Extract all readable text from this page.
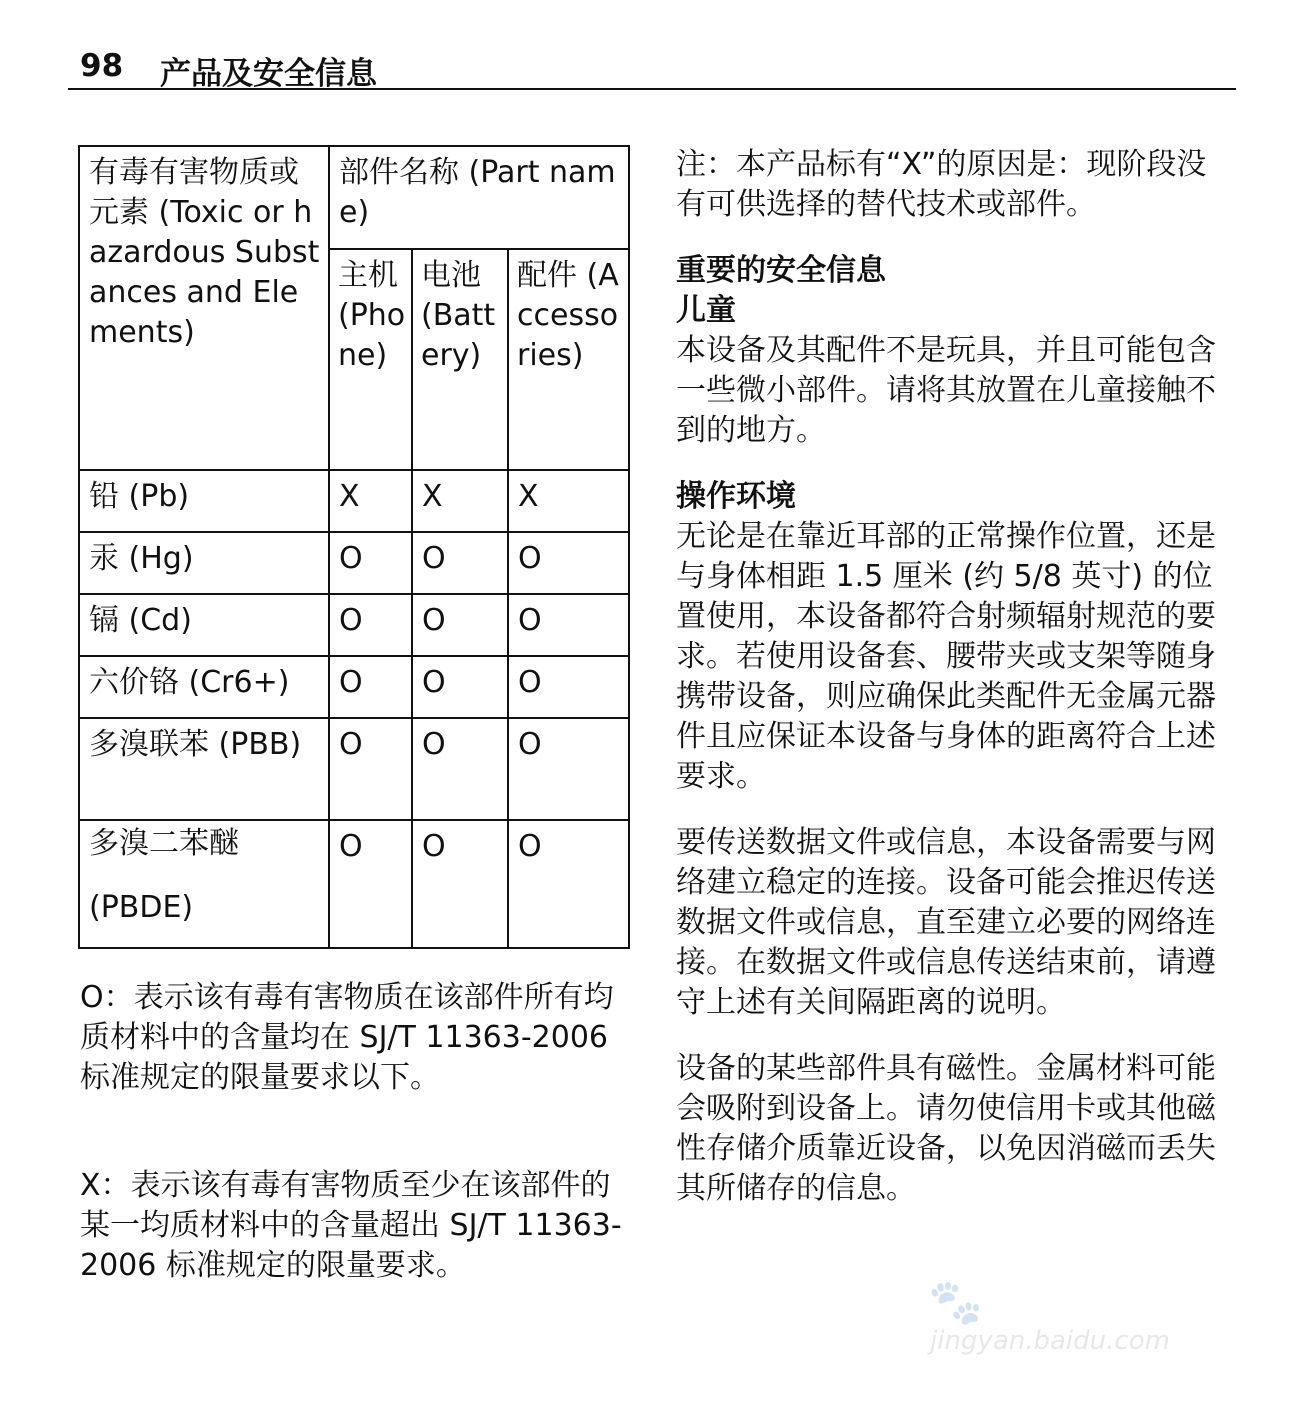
98 产品及安全信息
有毒有害物质或元素 (Toxic or hazardous Substances and Elements)	部件名称 (Part name)		
	主机 (Phone)	电池 (Battery)	配件 (Accessories)
铅 (Pb)	X	X	X
汞 (Hg)	O	O	O
镉 (Cd)	O	O	O
六价铬 (Cr6+)	O	O	O
多溴联苯 (PBB)	O	O	O

多溴二苯醚
(PBDE)	O	O	O

O：表示该有毒有害物质在该部件所有均质材料中的含量均在 SJ/T 11363-2006 标准规定的限量要求以下。

X：表示该有毒有害物质至少在该部件的某一均质材料中的含量超出 SJ/T 11363-2006 标准规定的限量要求。

注：本产品标有“X”的原因是：现阶段没有可供选择的替代技术或部件。

重要的安全信息
儿童

本设备及其配件不是玩具，并且可能包含一些微小部件。请将其放置在儿童接触不到的地方。

操作环境

无论是在靠近耳部的正常操作位置，还是与身体相距 1.5 厘米 (约 5/8 英寸) 的位置使用，本设备都符合射频辐射规范的要求。若使用设备套、腰带夹或支架等随身携带设备，则应确保此类配件无金属元器件且应保证本设备与身体的距离符合上述要求。

要传送数据文件或信息，本设备需要与网络建立稳定的连接。设备可能会推迟传送数据文件或信息，直至建立必要的网络连接。在数据文件或信息传送结束前，请遵守上述有关间隔距离的说明。

设备的某些部件具有磁性。金属材料可能会吸附到设备上。请勿使信用卡或其他磁性存储介质靠近设备，以免因消磁而丢失其所储存的信息。

🐾
jingyan.baidu.com
